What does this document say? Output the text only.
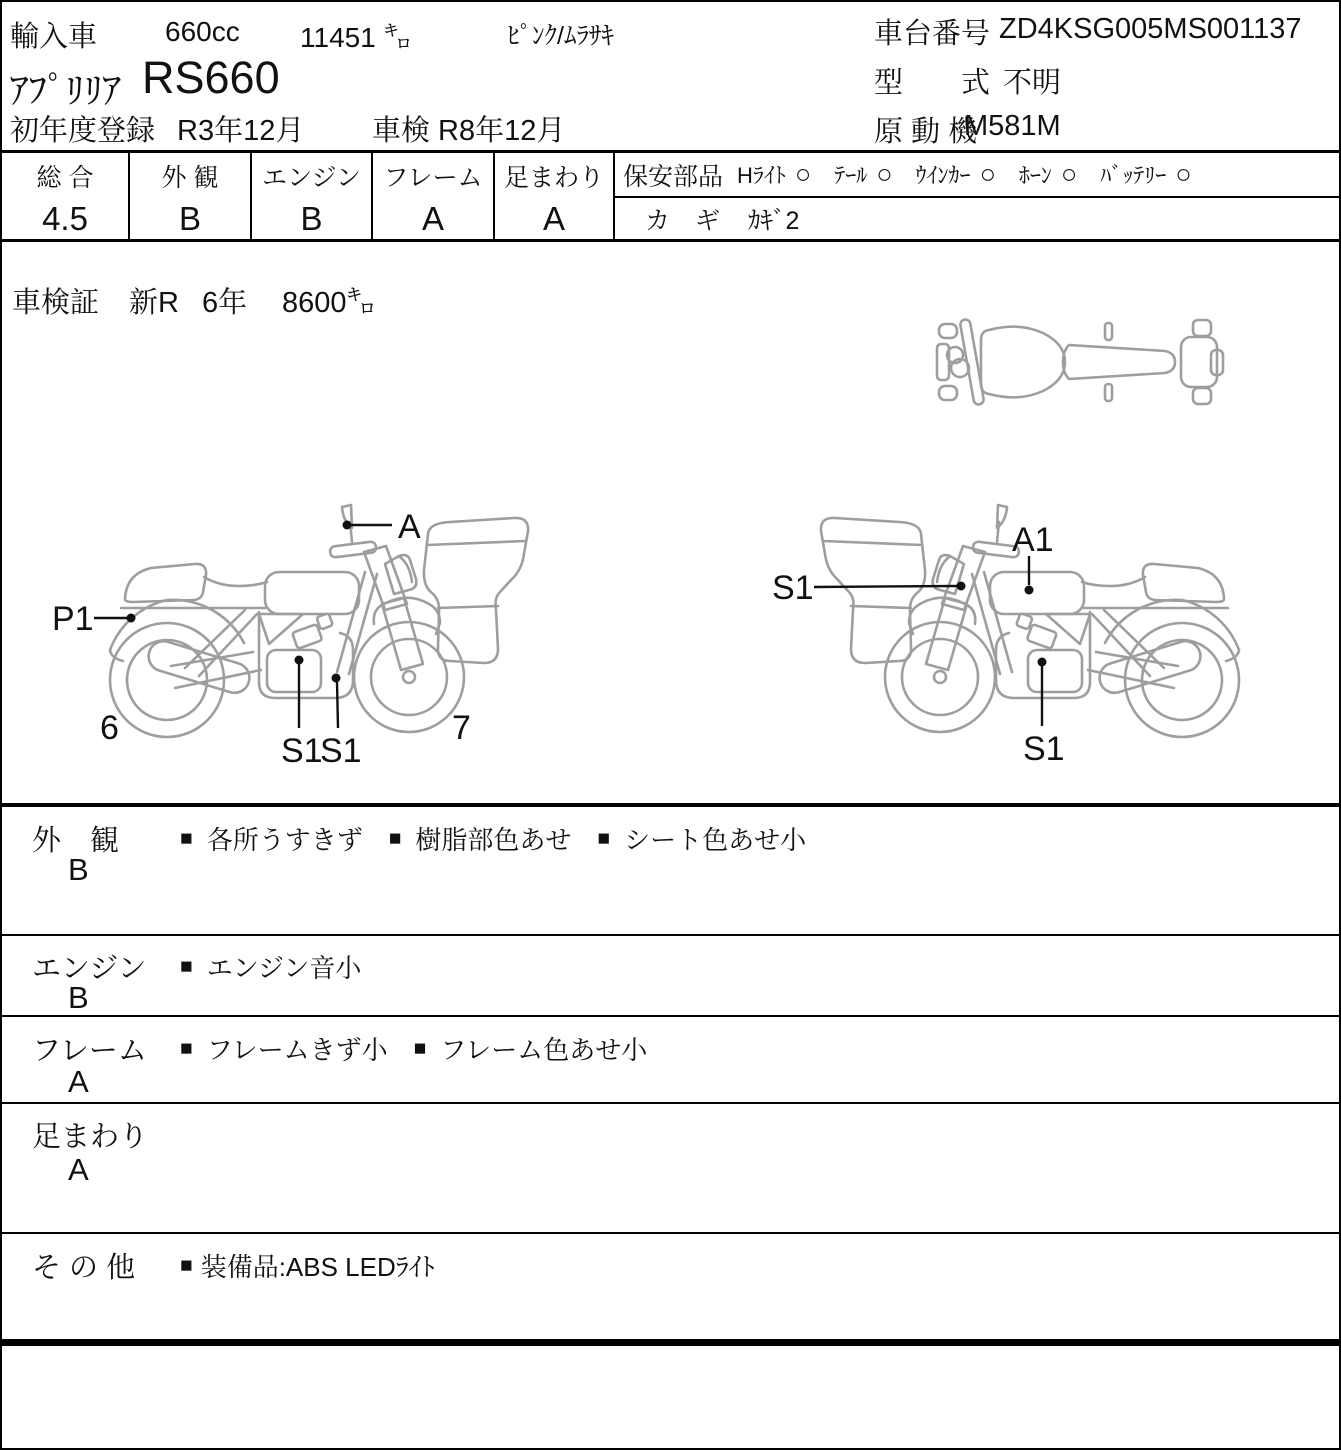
輸入車 660cc 11451 ㌔	ﾋﾟﾝｸ/ﾑﾗｻｷ
ｱﾌﾟﾘﾘｱ RS660
初年度登録 R3年12月 車検 R8年12月
車台番号 ZD4KSG005MS001137
型　　式 不明
原 動 機
M581M
総 合
4.5
外 観
B
エンジン
B
フレーム
A
足まわり
A
保安部品 Hﾗｲﾄ ○ ﾃｰﾙ ○ ｳｲﾝｶｰ ○ ﾎｰﾝ ○ ﾊﾞｯﾃﾘｰ ○
カ　ギ ｶｷﾞ2
車検証 新R 6年 8600㌔
A
P1
6
S1
S1
7
S1
A1
S1
外　観
B
■ 各所うすきず ■ 樹脂部色あせ ■ シート色あせ小
エンジン
B
■ エンジン音小
フレーム
A
■ フレームきず小 ■ フレーム色あせ小
足まわり
A
そ の 他 ■ 装備品:ABS LEDﾗｲﾄ
